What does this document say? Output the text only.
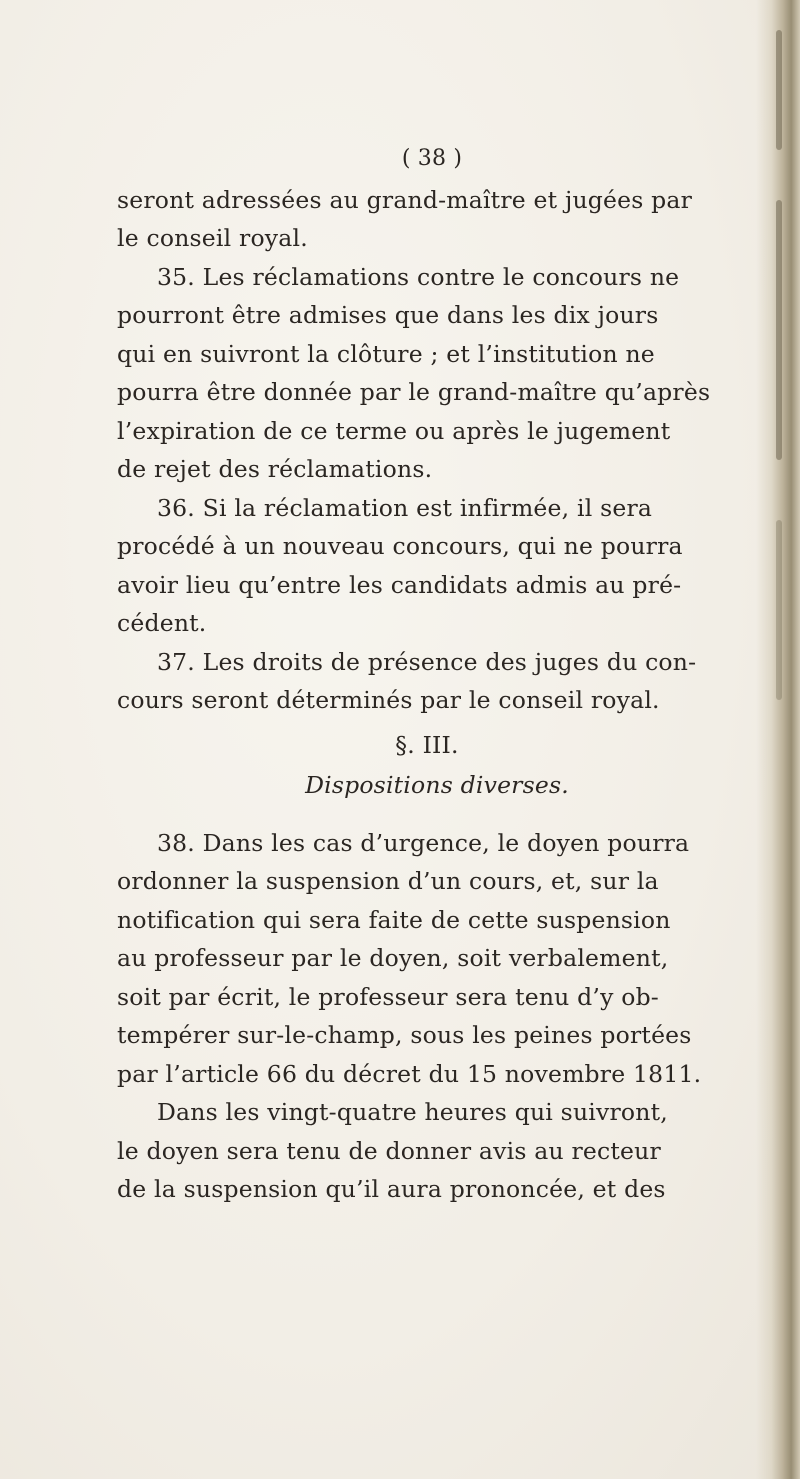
( 38 )
seront adressées au grand-maître et jugées par
le conseil royal.
35. Les réclamations contre le concours ne
pourront être admises que dans les dix jours
qui en suivront la clôture ; et l’institution ne
pourra être donnée par le grand-maître qu’après
l’expiration de ce terme ou après le jugement
de rejet des réclamations.
36. Si la réclamation est infirmée, il sera
procédé à un nouveau concours, qui ne pourra
avoir lieu qu’entre les candidats admis au pré-
cédent.
37. Les droits de présence des juges du con-
cours seront déterminés par le conseil royal.
§. III.
Dispositions diverses.
38. Dans les cas d’urgence, le doyen pourra
ordonner la suspension d’un cours, et, sur la
notification qui sera faite de cette suspension
au professeur par le doyen, soit verbalement,
soit par écrit, le professeur sera tenu d’y ob-
tempérer sur-le-champ, sous les peines portées
par l’article 66 du décret du 15 novembre 1811.
Dans les vingt-quatre heures qui suivront,
le doyen sera tenu de donner avis au recteur
de la suspension qu’il aura prononcée, et des
